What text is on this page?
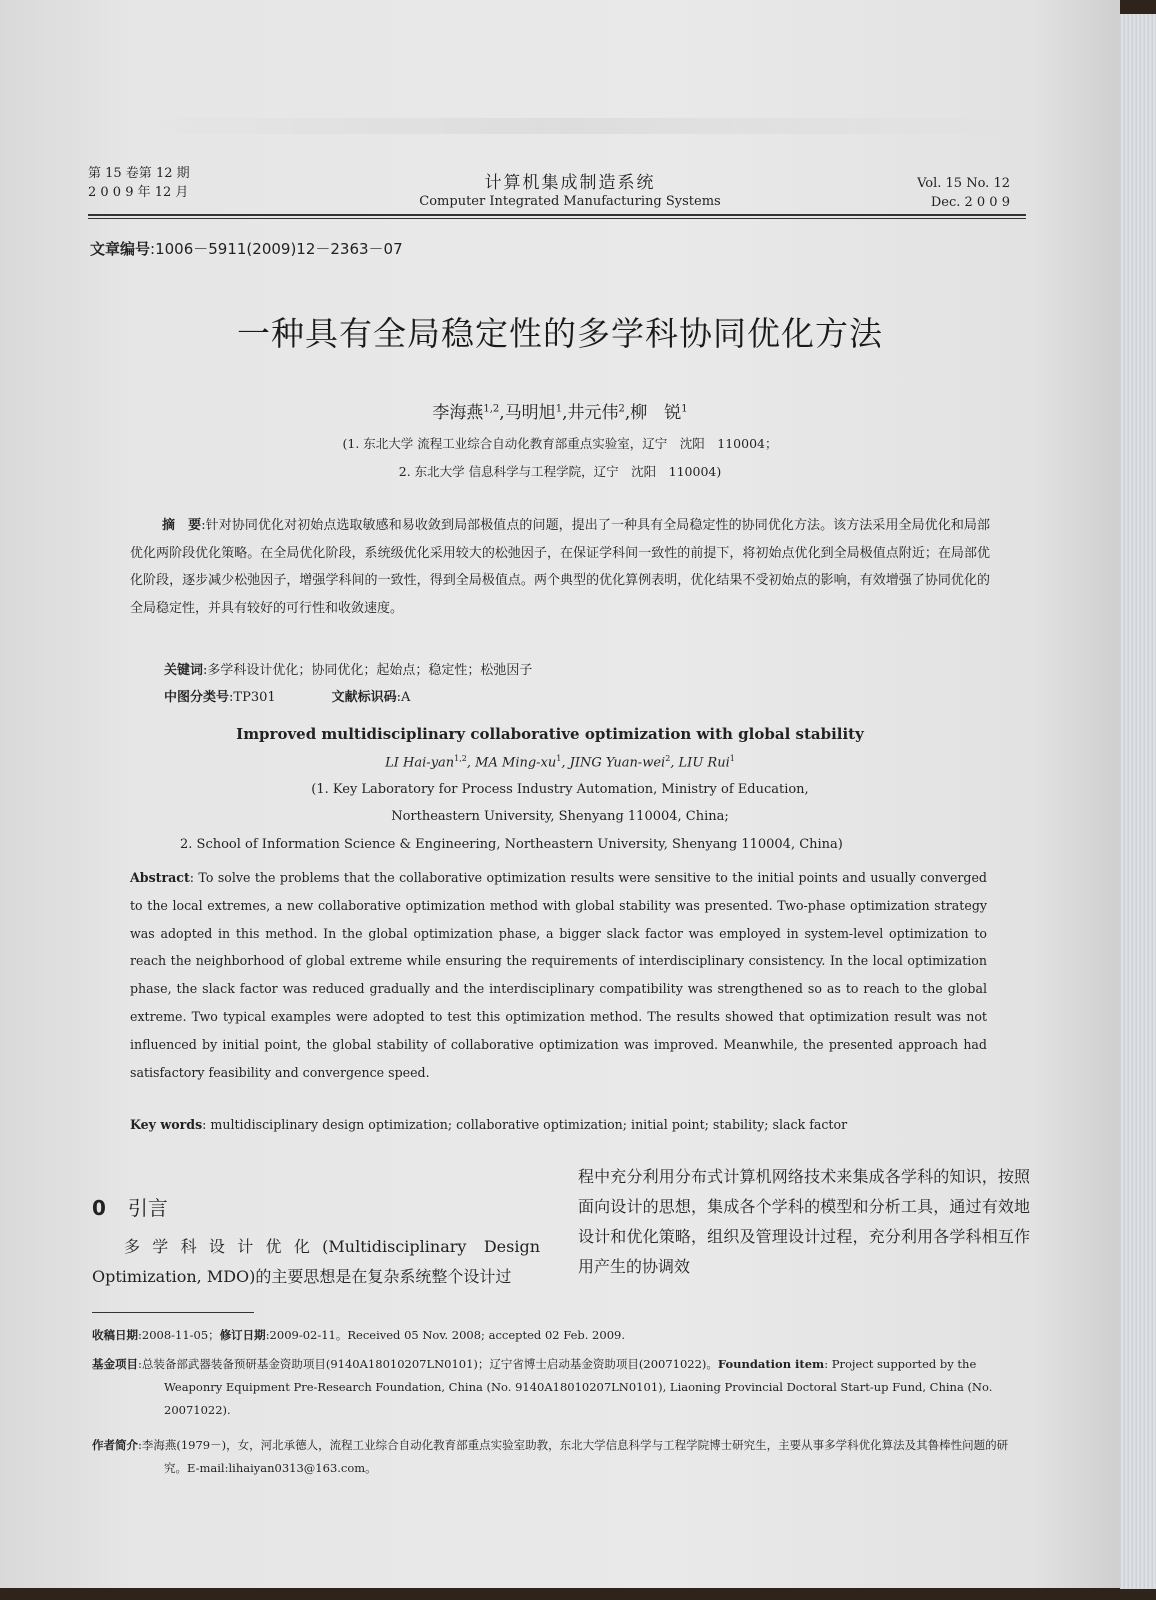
第 15 卷第 12 期
2 0 0 9 年 12 月	计算机集成制造系统
Computer Integrated Manufacturing Systems
Vol. 15 No. 12
Dec. 2 0 0 9
文章编号:1006－5911(2009)12－2363－07
一种具有全局稳定性的多学科协同优化方法
李海燕$^{1,2}$,马明旭$^1$,井元伟$^2$,柳　锐$^1$
(1. 东北大学 流程工业综合自动化教育部重点实验室，辽宁　沈阳　110004；
2. 东北大学 信息科学与工程学院，辽宁　沈阳　110004)

摘　要:针对协同优化对初始点选取敏感和易收敛到局部极值点的问题，提出了一种具有全局稳定性的协同优化方法。该方法采用全局优化和局部优化两阶段优化策略。在全局优化阶段，系统级优化采用较大的松弛因子，在保证学科间一致性的前提下，将初始点优化到全局极值点附近；在局部优化阶段，逐步减少松弛因子，增强学科间的一致性，得到全局极值点。两个典型的优化算例表明，优化结果不受初始点的影响，有效增强了协同优化的全局稳定性，并具有较好的可行性和收敛速度。

关键词:多学科设计优化；协同优化；起始点；稳定性；松弛因子
中图分类号:TP301	文献标识码:A
Improved multidisciplinary collaborative optimization with global stability
LI Hai-yan$^{1,2}$, MA Ming-$xu^1$, JING Yuan-wei$^2$, LIU Rui$^1$
(1. Key Laboratory for Process Industry Automation, Ministry of Education,
Northeastern University, Shenyang 110004, China;
2. School of Information Science & Engineering, Northeastern University, Shenyang 110004, China)

Abstract: To solve the problems that the collaborative optimization results were sensitive to the initial points and usually converged to the local extremes, a new collaborative optimization method with global stability was presented. Two-phase optimization strategy was adopted in this method. In the global optimization phase, a bigger slack factor was employed in system-level optimization to reach the neighborhood of global extreme while ensuring the requirements of interdisciplinary consistency. In the local optimization phase, the slack factor was reduced gradually and the interdisciplinary compatibility was strengthened so as to reach to the global extreme. Two typical examples were adopted to test this optimization method. The results showed that optimization result was not influenced by initial point, the global stability of collaborative optimization was improved. Meanwhile, the presented approach had satisfactory feasibility and convergence speed.

Key words: multidisciplinary design optimization; collaborative optimization; initial point; stability; slack factor
0 引言

多学科设计优化(Multidisciplinary Design Optimization, MDO)的主要思想是在复杂系统整个设计过

程中充分利用分布式计算机网络技术来集成各学科的知识，按照面向设计的思想，集成各个学科的模型和分析工具，通过有效地设计和优化策略，组织及管理设计过程，充分利用各学科相互作用产生的协调效

收稿日期:2008-11-05；修订日期:2009-02-11。Received 05 Nov. 2008; accepted 02 Feb. 2009.

基金项目:总装备部武器装备预研基金资助项目(9140A18010207LN0101)；辽宁省博士启动基金资助项目(20071022)。Foundation item: Project supported by the Weaponry Equipment Pre-Research Foundation, China (No. 9140A18010207LN0101), Liaoning Provincial Doctoral Start-up Fund, China (No. 20071022).

作者简介:李海燕(1979－)，女，河北承德人，流程工业综合自动化教育部重点实验室助教，东北大学信息科学与工程学院博士研究生，主要从事多学科优化算法及其鲁棒性问题的研究。E-mail:lihaiyan0313@163.com。
